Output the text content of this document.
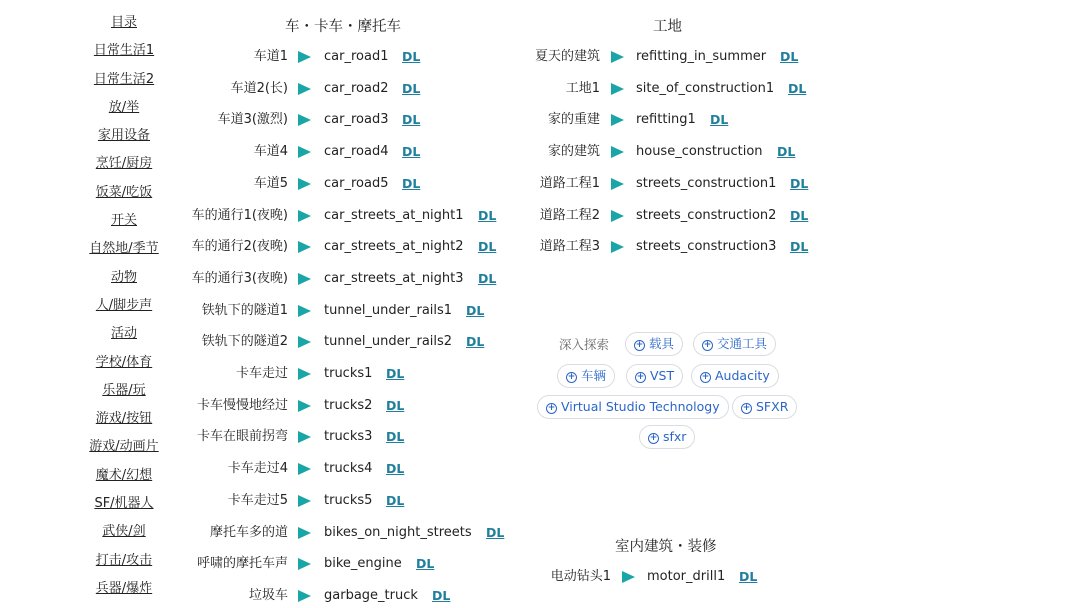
目录
日常生活1
日常生活2
放/举
家用设备
烹饪/厨房
饭菜/吃饭
开关
自然地/季节
动物
人/脚步声
活动
学校/体育
乐器/玩
游戏/按钮
游戏/动画片
魔术/幻想
SF/机器人
武侠/剑
打击/攻击
兵器/爆炸
车・卡车・摩托车	工地
室内建筑・装修
车道1	car_road1 DL
车道2(长)	car_road2 DL
车道3(激烈)	car_road3 DL
车道4	car_road4 DL
车道5	car_road5 DL
车的通行1(夜晚)	car_streets_at_night1 DL
车的通行2(夜晚)	car_streets_at_night2 DL
车的通行3(夜晚)	car_streets_at_night3 DL
铁轨下的隧道1	tunnel_under_rails1 DL
铁轨下的隧道2	tunnel_under_rails2 DL
卡车走过	trucks1 DL
卡车慢慢地经过	trucks2 DL
卡车在眼前拐弯	trucks3 DL
卡车走过4	trucks4 DL
卡车走过5	trucks5 DL
摩托车多的道	bikes_on_night_streets DL
呼啸的摩托车声	bike_engine DL
垃圾车	garbage_truck DL
夏天的建筑	refitting_in_summer DL
工地1	site_of_construction1 DL
家的重建	refitting1 DL
家的建筑	house_construction DL
道路工程1	streets_construction1 DL
道路工程2	streets_construction2 DL
道路工程3	streets_construction3 DL
电动钻头1	motor_drill1 DL
深入探索	+ 载具	+ 交通工具
+ 车辆	+ VST	+ Audacity
+ Virtual Studio Technology	+ SFXR
+ sfxr
